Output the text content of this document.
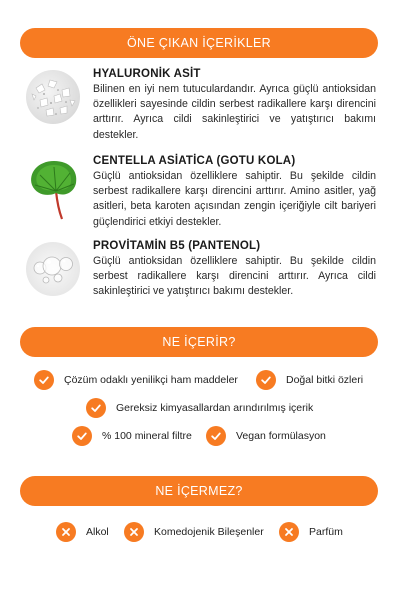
ÖNE ÇIKAN İÇERİKLER
HYALURONİK ASİT
Bilinen en iyi nem tutuculardandır. Ayrıca güçlü antioksidan özellikleri sayesinde cildin serbest radikallere karşı direncini arttırır. Ayrıca cildi sakinleştirici ve yatıştırıcı bakımı destekler.
CENTELLA ASİATİCA (GOTU KOLA)
Güçlü antioksidan özelliklere sahiptir. Bu şekilde cildin serbest radikallere karşı direncini arttırır. Amino asitler, yağ asitleri, beta karoten açısından zengin içeriğiyle cilt bariyeri güçlendirici etkiyi destekler.
PROVİTAMİN B5 (PANTENOL)
Güçlü antioksidan özelliklere sahiptir. Bu şekilde cildin serbest radikallere karşı direncini arttırır. Ayrıca cildi sakinleştirici ve yatıştırıcı bakımı destekler.
NE İÇERİR?
Çözüm odaklı yenilikçi ham maddeler	Doğal bitki özleri
Gereksiz kimyasallardan arındırılmış içerik
% 100 mineral filtre	Vegan formülasyon
NE İÇERMEZ?
Alkol	Komedojenik Bileşenler	Parfüm
